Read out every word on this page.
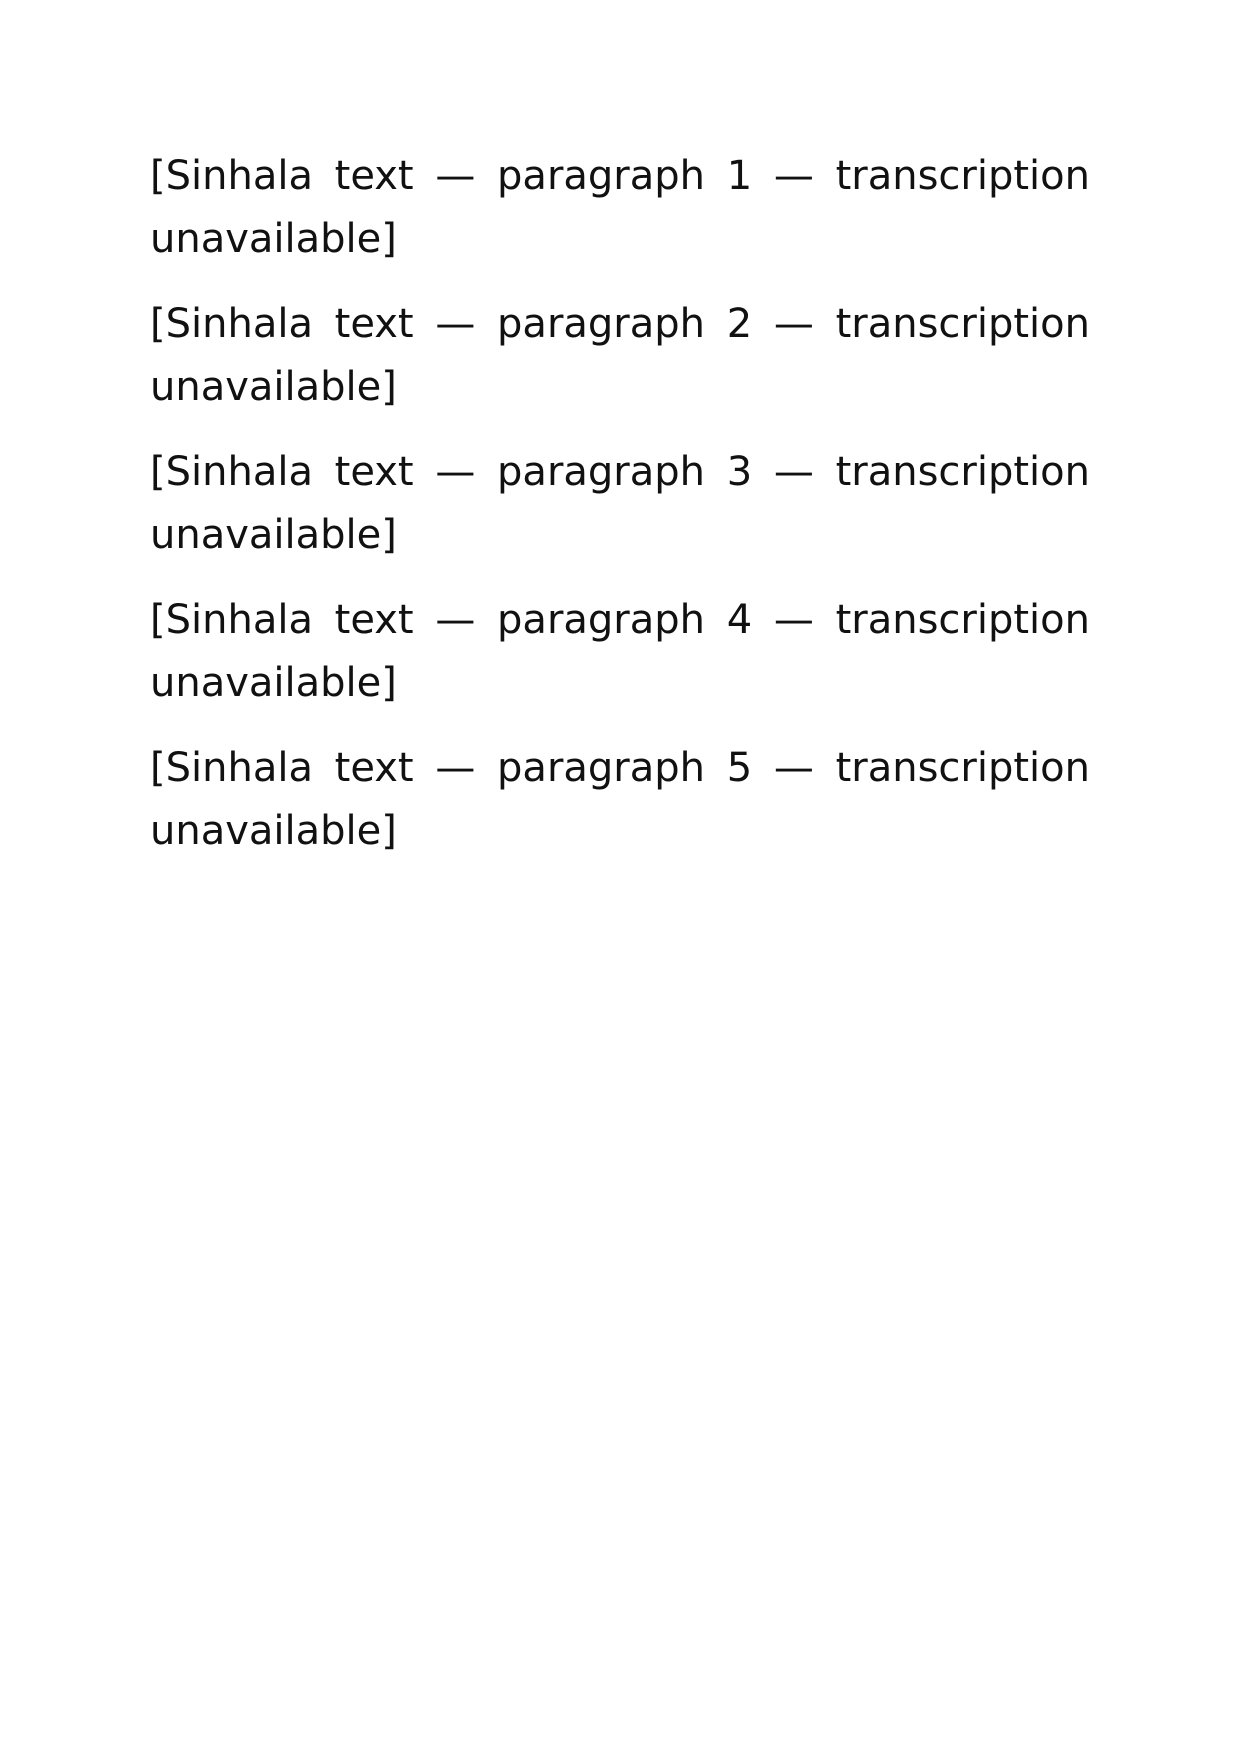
[Sinhala text — paragraph 1 — transcription unavailable]

[Sinhala text — paragraph 2 — transcription unavailable]

[Sinhala text — paragraph 3 — transcription unavailable]

[Sinhala text — paragraph 4 — transcription unavailable]

[Sinhala text — paragraph 5 — transcription unavailable]
